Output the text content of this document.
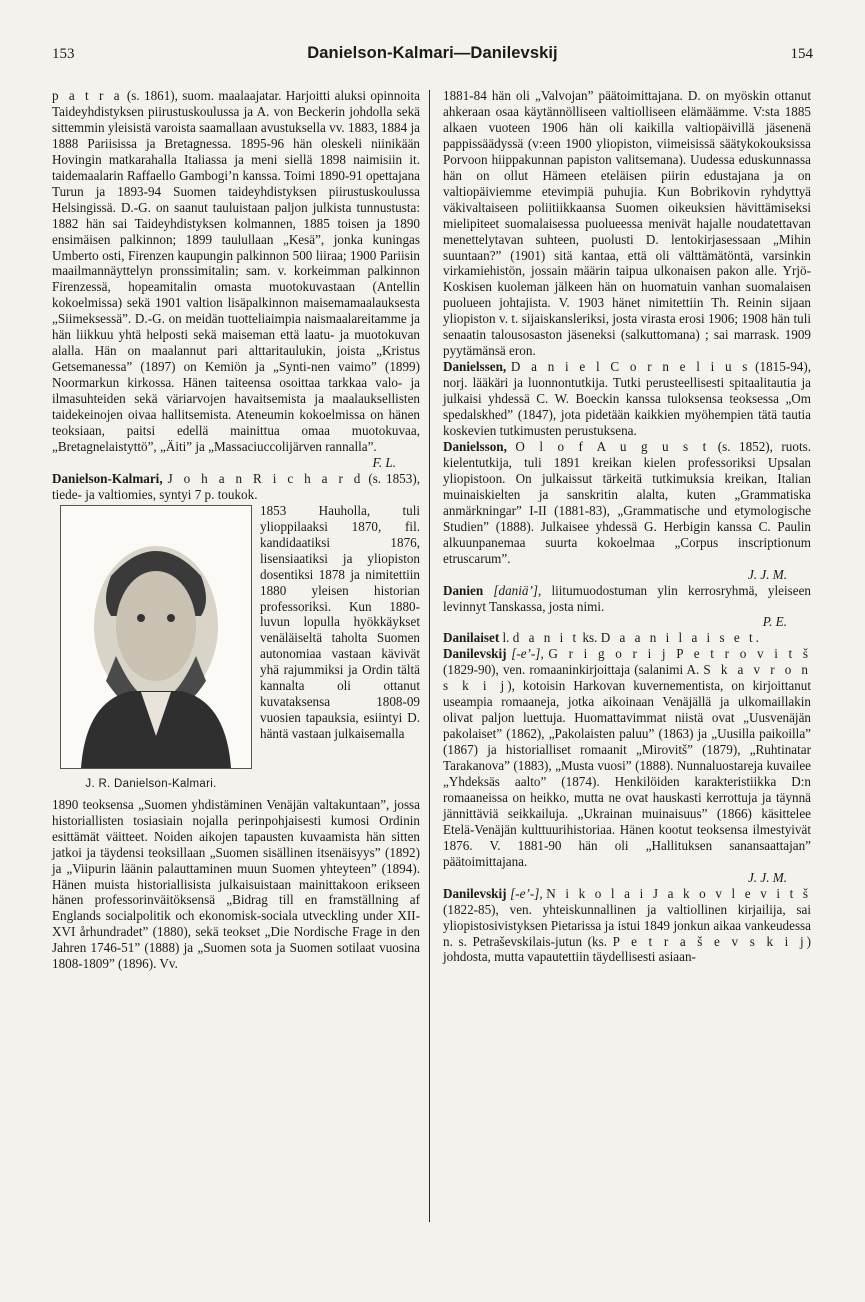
153	Danielson-Kalmari—Danilevskij	154

p a t r a (s. 1861), suom. maalaajatar. Harjoitti aluksi opinnoita Taideyhdistyksen piirustuskoulussa ja A. von Beckerin johdolla sekä sittemmin yleisistä varoista saamallaan avustuksella vv. 1883, 1884 ja 1888 Pariisissa ja Bretagnessa. 1895-96 hän oleskeli niinikään Hovingin matkarahalla Italiassa ja meni siellä 1898 naimisiin it. taidemaalarin Raffaello Gambogi’n kanssa. Toimi 1890-91 opettajana Turun ja 1893-94 Suomen taideyhdistyksen piirustuskoulussa Helsingissä. D.-G. on saanut tauluistaan paljon julkista tunnustusta: 1882 hän sai Taideyhdistyksen kolmannen, 1885 toisen ja 1890 ensimäisen palkinnon; 1899 taulullaan „Kesä”, jonka kuningas Umberto osti, Firenzen kaupungin palkinnon 500 liiraa; 1900 Pariisin maailmannäyttelyn pronssimitalin; sam. v. korkeimman palkinnon Firenzessä, hopeamitalin omasta muotokuvastaan (Antellin kokoelmissa) sekä 1901 valtion lisäpalkinnon maisemamaalauksesta „Siimeksessä”. D.-G. on meidän tuotteliaimpia naismaalareitamme ja hän liikkuu yhtä helposti sekä maiseman että laatu- ja muotokuvan alalla. Hän on maalannut pari alttaritaulukin, joista „Kristus Getsemanessa” (1897) on Kemiön ja „Synti-nen vaimo” (1899) Noormarkun kirkossa. Hänen taiteensa osoittaa tarkkaa valo- ja ilmasuhteiden sekä väriarvojen havaitsemista ja maalauksellisten taidekeinojen oivaa hallitsemista. Ateneumin kokoelmissa on hänen teoksiaan, paitsi edellä mainittua omaa muotokuvaa, „Bretagnelaistyttö”, „Äiti” ja „Massaciuccolijärven rannalla”.

F. L.

Danielson-Kalmari, J o h a n R i c h a r d (s. 1853), tiede- ja valtiomies, syntyi 7 p. toukok.

J. R. Danielson-Kalmari.

1853 Hauholla, tuli ylioppilaaksi 1870, fil. kandidaatiksi 1876, lisensiaatiksi ja yliopiston dosentiksi 1878 ja nimitettiin 1880 yleisen historian professoriksi. Kun 1880-luvun lopulla hyökkäykset venäläiseltä taholta Suomen autonomiaa vastaan kävivät yhä rajummiksi ja Ordin tältä kannalta oli ottanut kuvataksensa 1808-09 vuosien tapauksia, esiintyi D. häntä vastaan julkaisemalla

1890 teoksensa „Suomen yhdistäminen Venäjän valtakuntaan”, jossa historiallisten tosiasiain nojalla perinpohjaisesti kumosi Ordinin esittämät väitteet. Noiden aikojen tapausten kuvaamista hän sitten jatkoi ja täydensi teoksillaan „Suomen sisällinen itsenäisyys” (1892) ja „Viipurin läänin palauttaminen muun Suomen yhteyteen” (1894). Hänen muista historiallisista julkaisuistaan mainittakoon erikseen hänen professorinväitöksensä „Bidrag till en framställning af Englands socialpolitik och ekonomisk-sociala utveckling under XII-XVI århundradet” (1880), sekä teokset „Die Nordische Frage in den Jahren 1746-51” (1888) ja „Suomen sota ja Suomen sotilaat vuosina 1808-1809” (1896). Vv.

1881-84 hän oli „Valvojan” päätoimittajana. D. on myöskin ottanut ahkeraan osaa käytännölliseen valtiolliseen elämäämme. V:sta 1885 alkaen vuoteen 1906 hän oli kaikilla valtiopäivillä jäsenenä pappissäädyssä (v:een 1900 yliopiston, viimeisissä säätykokouksissa Porvoon hiippakunnan papiston valitsemana). Uudessa eduskunnassa hän on ollut Hämeen eteläisen piirin edustajana ja on valtiopäiviemme etevimpiä puhujia. Kun Bobrikovin ryhdyttyä väkivaltaiseen poliitiikkaansa Suomen oikeuksien hävittämiseksi mielipiteet suomalaisessa puolueessa menivät hajalle noudatettavan menettelytavan suhteen, puolusti D. lentokirjasessaan „Mihin suuntaan?” (1901) sitä kantaa, että oli välttämätöntä, varsinkin virkamiehistön, jossain määrin taipua ulkonaisen pakon alle. Yrjö-Koskisen kuoleman jälkeen hän on huomatuin vanhan suomalaisen puolueen johtajista. V. 1903 hänet nimitettiin Th. Reinin sijaan yliopiston v. t. sijaiskansleriksi, josta virasta erosi 1906; 1908 hän tuli senaatin talousosaston jäseneksi (salkuttomana) ; sai marrask. 1909 pyytämänsä eron.

Danielssen, D a n i e l C o r n e l i u s (1815-94), norj. lääkäri ja luonnontutkija. Tutki perusteellisesti spitaalitautia ja julkaisi yhdessä C. W. Boeckin kanssa tuloksensa teoksessa „Om spedalskhed” (1847), jota pidetään kaikkien myöhempien tätä tautia koskevien tutkimusten perustuksena.

Danielsson, O l o f A u g u s t (s. 1852), ruots. kielentutkija, tuli 1891 kreikan kielen professoriksi Upsalan yliopistoon. On julkaissut tärkeitä tutkimuksia kreikan, Italian muinaiskielten ja sanskritin alalta, kuten „Grammatiska anmärkningar” I-II (1881-83), „Grammatische und etymologische Studien” (1888). Julkaisee yhdessä G. Herbigin kanssa C. Paulin alkuunpanemaa suurta kokoelmaa „Corpus inscriptionum etruscarum”.

J. J. M.

Danien [daniä’], liitumuodostuman ylin kerrosryhmä, yleiseen levinnyt Tanskassa, josta nimi.

P. E.

Danilaiset l. d a n i t ks. D a a n i l a i s e t.

Danilevskij [-e’-], G r i g o r i j P e t r o v i t š (1829-90), ven. romaaninkirjoittaja (salanimi A. S k a v r o n s k i j), kotoisin Harkovan kuvernementista, on kirjoittanut useampia romaaneja, jotka aikoinaan Venäjällä ja ulkomaillakin olivat paljon luettuja. Huomattavimmat niistä ovat „Uusvenäjän pakolaiset” (1862), „Pakolaisten paluu” (1863) ja „Uusilla paikoilla” (1867) ja historialliset romaanit „Mirovitš” (1879), „Ruhtinatar Tarakanova” (1883), „Musta vuosi” (1888). Nunnaluostareja kuvailee „Yhdeksäs aalto” (1874). Henkilöiden karakteristiikka D:n romaaneissa on heikko, mutta ne ovat hauskasti kerrottuja ja täynnä jännittäviä seikkailuja. „Ukrainan muinaisuus” (1866) käsittelee Etelä-Venäjän kulttuurihistoriaa. Hänen kootut teoksensa ilmestyivät 1876. V. 1881-90 hän oli „Hallituksen sanansaattajan” päätoimittajana.

J. J. M.

Danilevskij [-e’-], N i k o l a i J a k o v l e v i t š (1822-85), ven. yhteiskunnallinen ja valtiollinen kirjailija, sai yliopistosivistyksen Pietarissa ja istui 1849 jonkun aikaa vankeudessa n. s. Petraševskilais-jutun (ks. P e t r a š e v s k i j) johdosta, mutta vapautettiin täydellisesti asiaan-
